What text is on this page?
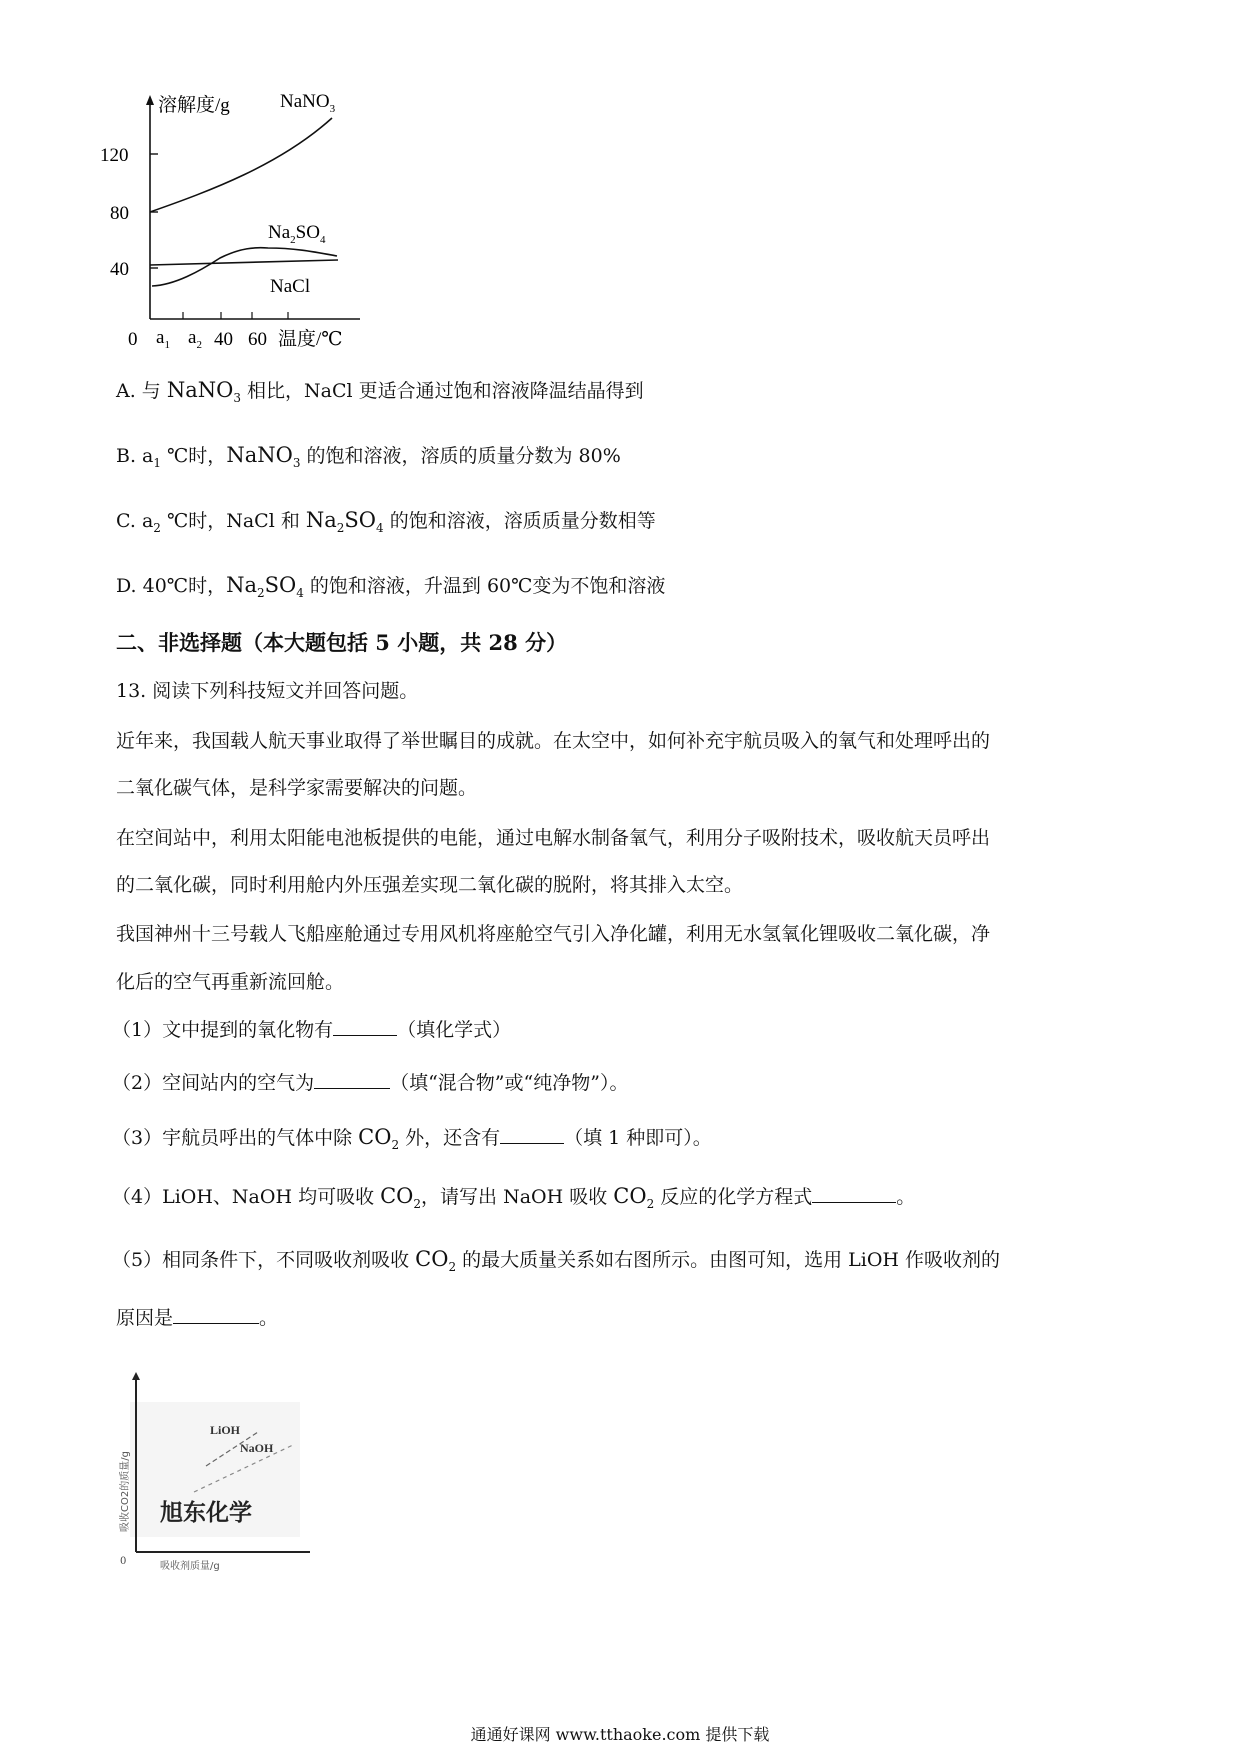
溶解度/g
120
80
40
0 $a_1$ $a_2$ 40 60 温度/℃
NaNO$_3$
$Na_2SO_4$
NaCl
A. 与 NaNO$_3$ 相比，NaCl 更适合通过饱和溶液降温结晶得到
B. $a_1$ ℃时，NaNO$_3$ 的饱和溶液，溶质的质量分数为 80%
C. $a_2$ ℃时，NaCl 和 $Na_2SO_4$ 的饱和溶液，溶质质量分数相等
D. 40℃时，$Na_2SO_4$ 的饱和溶液，升温到 60℃变为不饱和溶液
二、非选择题（本大题包括 5 小题，共 28 分）
13. 阅读下列科技短文并回答问题。
近年来，我国载人航天事业取得了举世瞩目的成就。在太空中，如何补充宇航员吸入的氧气和处理呼出的
二氧化碳气体，是科学家需要解决的问题。
在空间站中，利用太阳能电池板提供的电能，通过电解水制备氧气，利用分子吸附技术，吸收航天员呼出
的二氧化碳，同时利用舱内外压强差实现二氧化碳的脱附，将其排入太空。
我国神州十三号载人飞船座舱通过专用风机将座舱空气引入净化罐，利用无水氢氧化锂吸收二氧化碳，净
化后的空气再重新流回舱。
（1）文中提到的氧化物有	（填化学式）
（2）空间站内的空气为	（填“混合物”或“纯净物”）。
（3）宇航员呼出的气体中除 $CO_2$ 外，还含有	（填 1 种即可）。
（4）LiOH、NaOH 均可吸收 $CO_2$，请写出 NaOH 吸收 $CO_2$ 反应的化学方程式	。
（5）相同条件下，不同吸收剂吸收 $CO_2$ 的最大质量关系如右图所示。由图可知，选用 LiOH 作吸收剂的
原因是	。
LiOH
NaOH
旭东化学
吸收CO2的质量/g
吸收剂质量/g
0
通通好课网 www.tthaoke.com 提供下载
